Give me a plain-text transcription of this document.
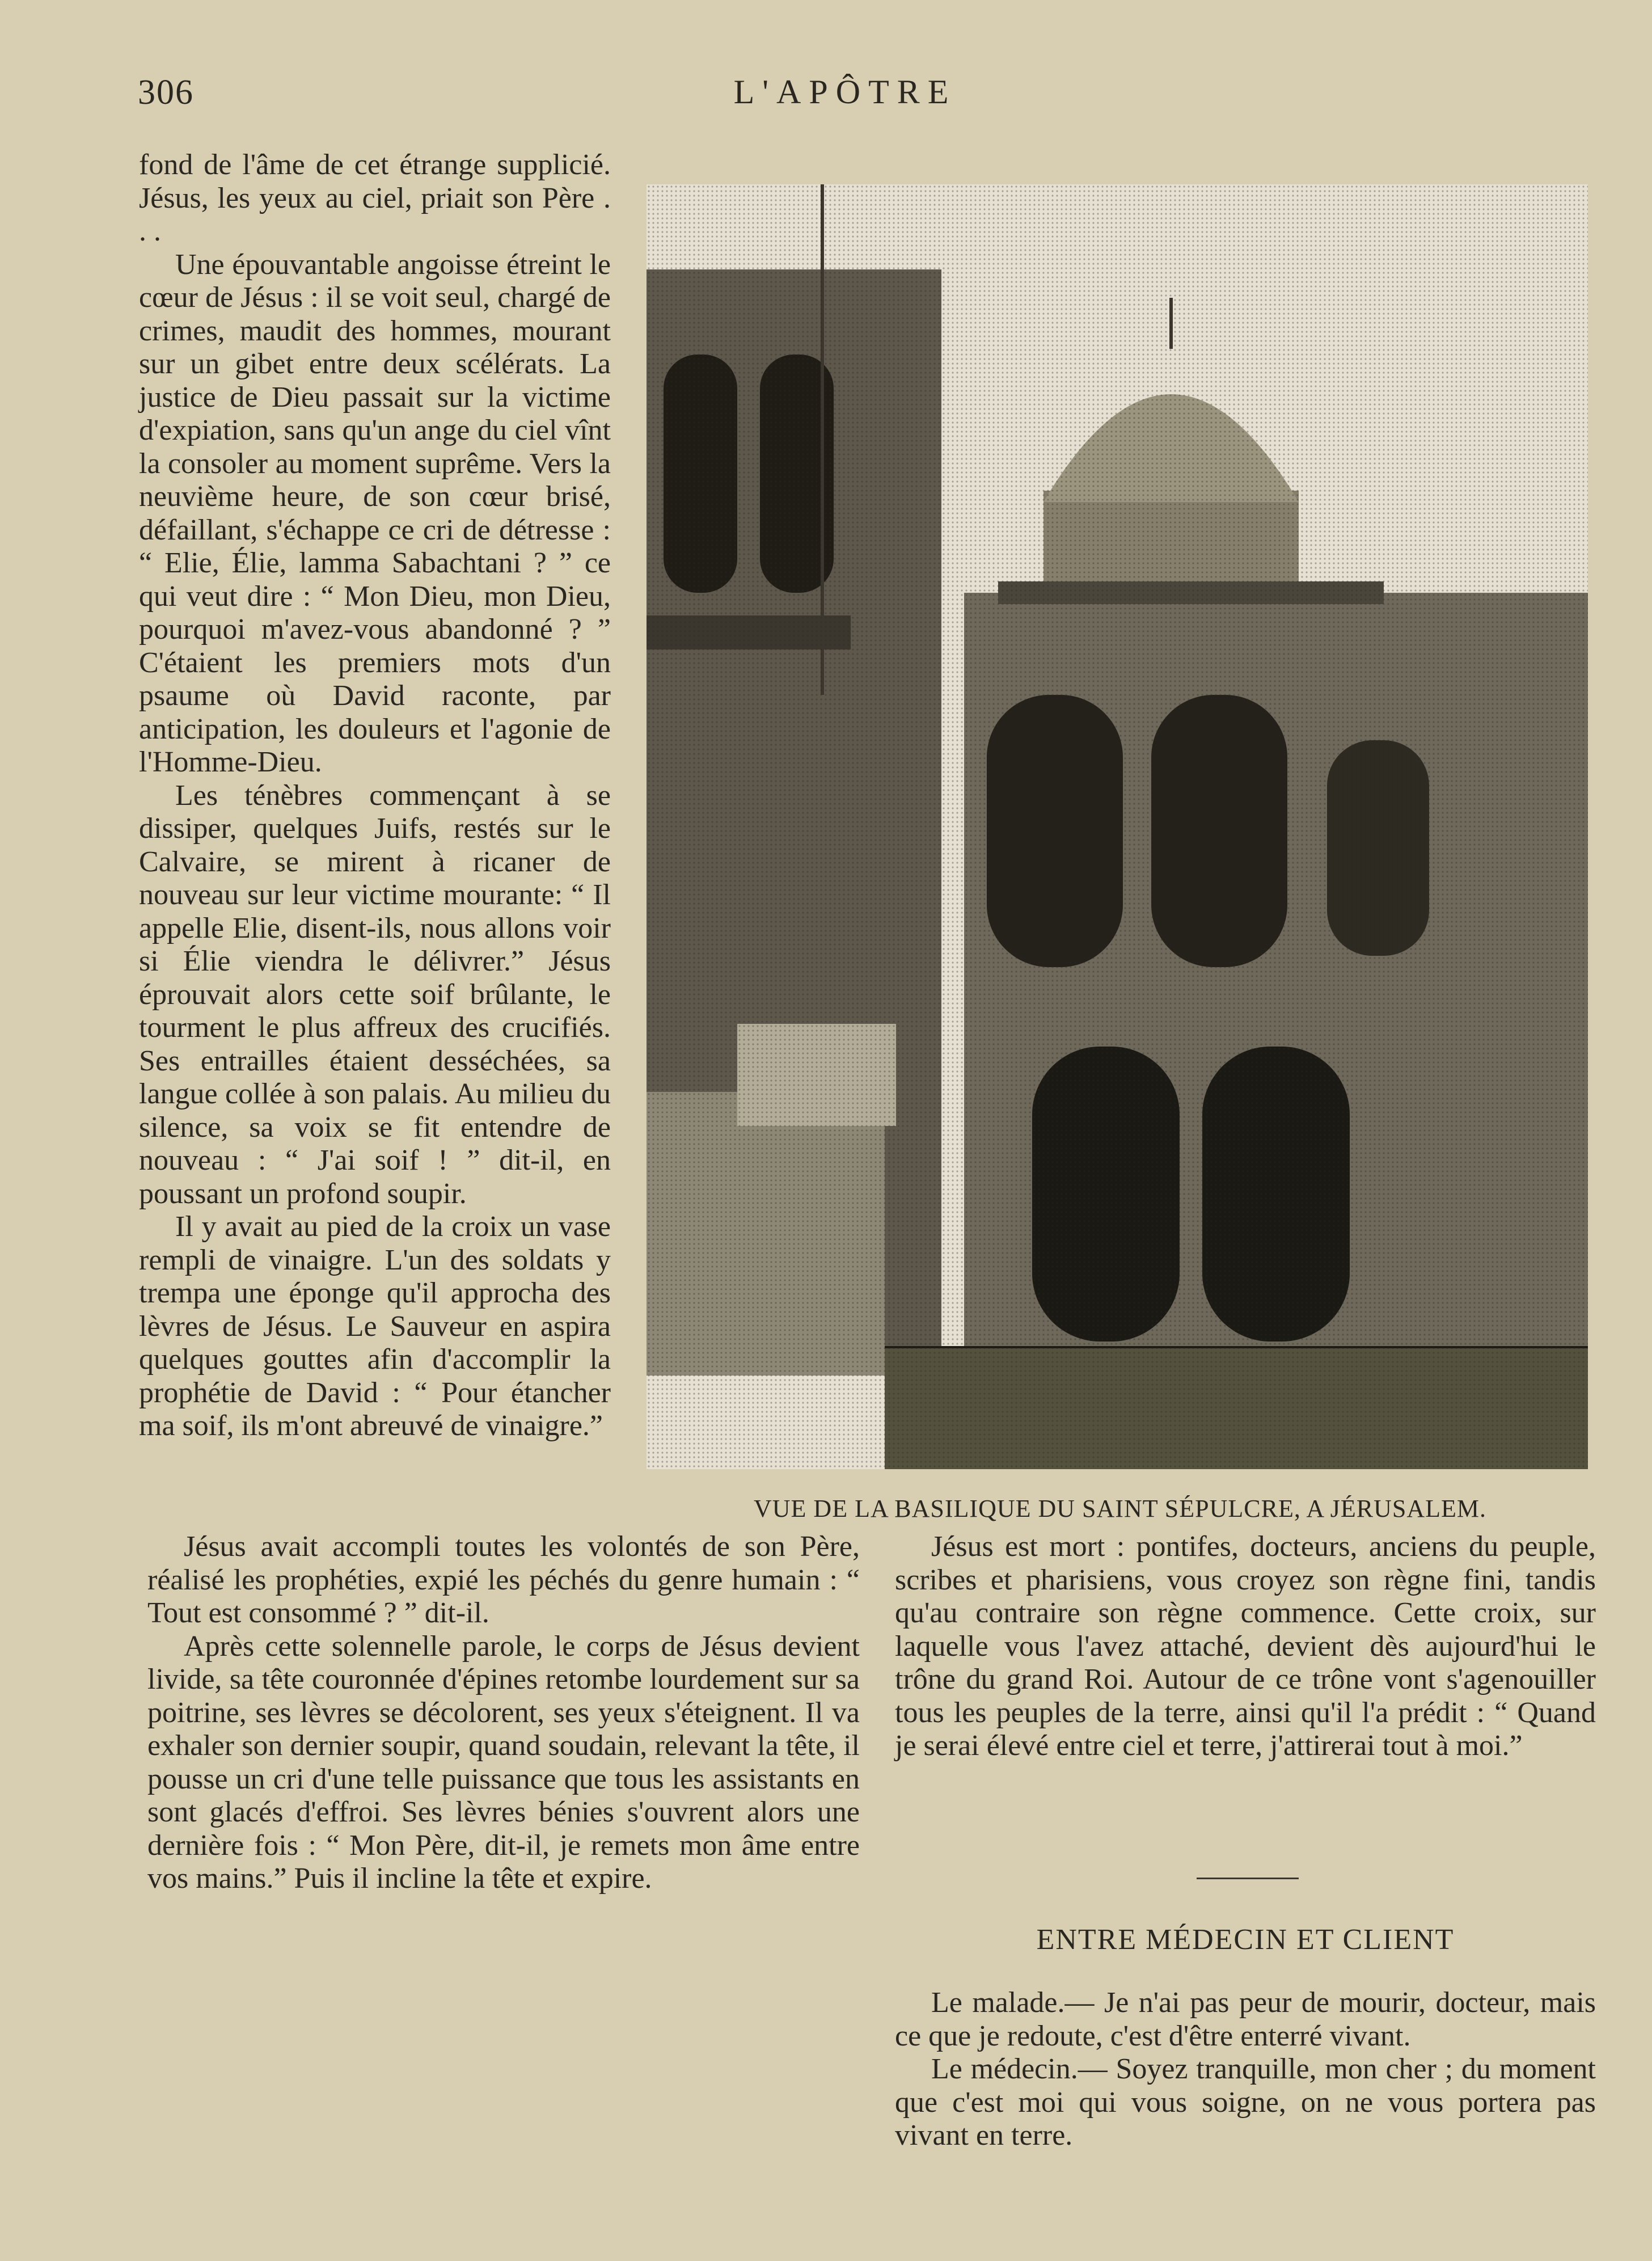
306	L'APÔTRE

fond de l'âme de cet étrange supplicié. Jésus, les yeux au ciel, priait son Père . . .

Une épouvantable angoisse étreint le cœur de Jésus : il se voit seul, chargé de crimes, maudit des hommes, mourant sur un gibet entre deux scélérats. La justice de Dieu passait sur la victime d'expiation, sans qu'un ange du ciel vînt la consoler au moment suprême. Vers la neuvième heure, de son cœur brisé, défaillant, s'échappe ce cri de détresse : “ Elie, Élie, lamma Sabachtani ? ” ce qui veut dire : “ Mon Dieu, mon Dieu, pourquoi m'avez-vous abandonné ? ” C'étaient les premiers mots d'un psaume où David raconte, par anticipation, les douleurs et l'agonie de l'Homme-Dieu.

Les ténèbres commençant à se dissiper, quelques Juifs, restés sur le Calvaire, se mirent à ricaner de nouveau sur leur victime mourante: “ Il appelle Elie, disent-ils, nous allons voir si Élie viendra le délivrer.” Jésus éprouvait alors cette soif brûlante, le tourment le plus affreux des crucifiés. Ses entrailles étaient desséchées, sa langue collée à son palais. Au milieu du silence, sa voix se fit entendre de nouveau : “ J'ai soif ! ” dit-il, en poussant un profond soupir.

Il y avait au pied de la croix un vase rempli de vinaigre. L'un des soldats y trempa une éponge qu'il approcha des lèvres de Jésus. Le Sauveur en aspira quelques gouttes afin d'accomplir la prophétie de David : “ Pour étancher ma soif, ils m'ont abreuvé de vinaigre.”

VUE DE LA BASILIQUE DU SAINT SÉPULCRE, A JÉRUSALEM.

Jésus avait accompli toutes les volontés de son Père, réalisé les prophéties, expié les péchés du genre humain : “ Tout est consommé ? ” dit-il.

Après cette solennelle parole, le corps de Jésus devient livide, sa tête couronnée d'épines retombe lourdement sur sa poitrine, ses lèvres se décolorent, ses yeux s'éteignent. Il va exhaler son dernier soupir, quand soudain, relevant la tête, il pousse un cri d'une telle puissance que tous les assistants en sont glacés d'effroi. Ses lèvres bénies s'ouvrent alors une dernière fois : “ Mon Père, dit-il, je remets mon âme entre vos mains.” Puis il incline la tête et expire.

Jésus est mort : pontifes, docteurs, anciens du peuple, scribes et pharisiens, vous croyez son règne fini, tandis qu'au contraire son règne commence. Cette croix, sur laquelle vous l'avez attaché, devient dès aujourd'hui le trône du grand Roi. Autour de ce trône vont s'agenouiller tous les peuples de la terre, ainsi qu'il l'a prédit : “ Quand je serai élevé entre ciel et terre, j'attirerai tout à moi.”

ENTRE MÉDECIN ET CLIENT

Le malade.— Je n'ai pas peur de mourir, docteur, mais ce que je redoute, c'est d'être enterré vivant.

Le médecin.— Soyez tranquille, mon cher ; du moment que c'est moi qui vous soigne, on ne vous portera pas vivant en terre.
